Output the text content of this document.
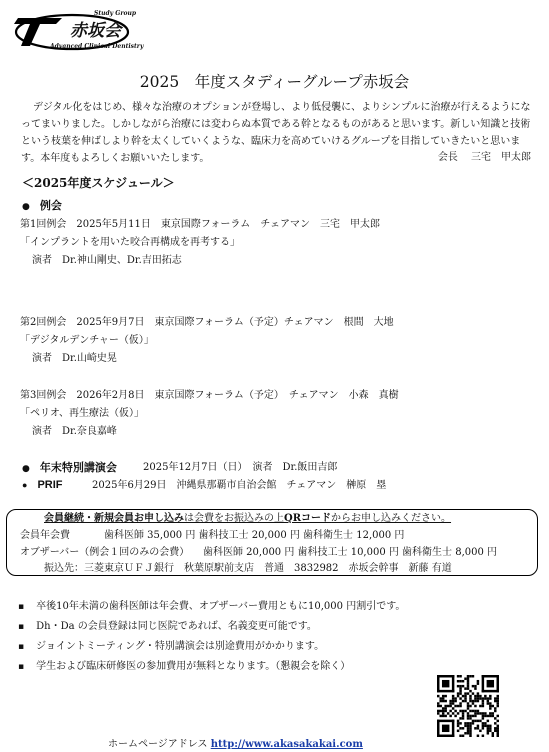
Study Group
赤坂会
Advanced Clinical Dentistry
2025　年度スタディーグループ赤坂会
デジタル化をはじめ、様々な治療のオプションが登場し、より低侵襲に、よりシンプルに治療が行えるようになってまいりました。しかしながら治療には変わらぬ本質である幹となるものがあると思います。新しい知識と技術という枝葉を伸ばしより幹を太くしていくような、臨床力を高めていけるグループを目指していきたいと思います。本年度もよろしくお願いいたします。	会長　 三宅　甲太郎
＜2025年度スケジュール＞
● 例会
第1回例会　2025年5月11日　東京国際フォーラム　チェアマン　三宅　甲太郎
「インプラントを用いた咬合再構成を再考する」
演者　Dr.神山剛史、Dr.吉田拓志
第2回例会　2025年9月7日　東京国際フォーラム（予定）チェアマン　根間　大地
「デジタルデンチャー（仮）」
演者　Dr.山崎史晃
第3回例会　2026年2月8日　東京国際フォーラム（予定）　チェアマン　小森　真樹
「ペリオ、再生療法（仮）」
演者　Dr.奈良嘉峰
● 年末特別講演会	2025年12月7日（日）　演者　Dr.飯田吉郎
● PRIF	2025年6月29日　沖縄県那覇市自治会館　チェアマン　榊原　塁
会員継続・新規会員お申し込みは会費をお振込みの上QRコードからお申し込みください。
会員年会費	歯科医師 35,000 円 歯科技工士 20,000 円 歯科衛生士 12,000 円
オブザーバー（例会１回のみの会費） 歯科医師 20,000 円 歯科技工士 10,000 円 歯科衛生士 8,000 円
振込先：三菱東京ＵＦＪ銀行　秋葉原駅前支店　普通　3832982　赤坂会幹事　新藤 有道
▪ 卒後10年未満の歯科医師は年会費、オブザーバー費用ともに10,000 円割引です。
▪ Dh・Da の会員登録は同じ医院であれば、名義変更可能です。
▪ ジョイントミーティング・特別講演会は別途費用がかかります。
▪ 学生および臨床研修医の参加費用が無料となります。（懇親会を除く）
ホームページアドレス http://www.akasakakai.com
